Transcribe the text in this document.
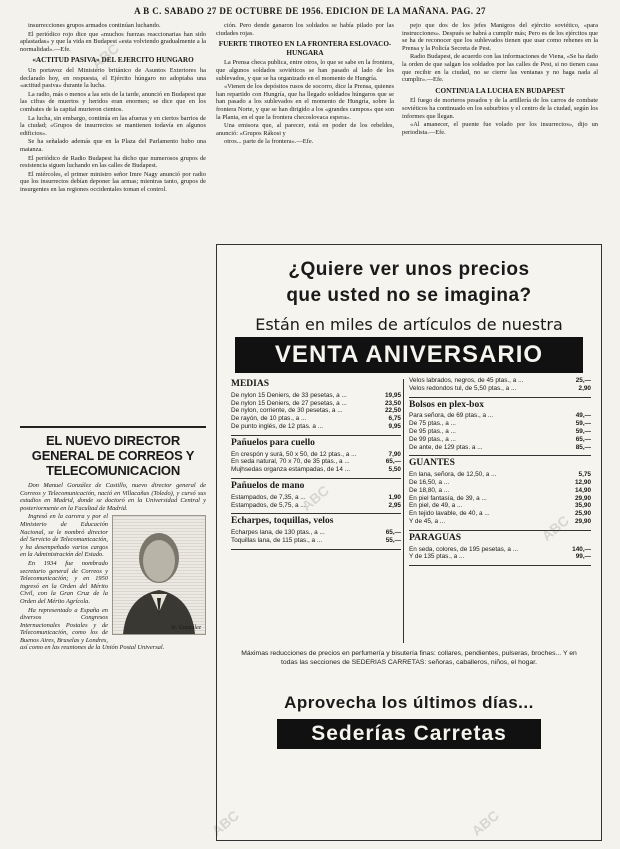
A B C. SABADO 27 DE OCTUBRE DE 1956. EDICION DE LA MAÑANA. PAG. 27

insurrecciones grupos armados continúan luchando.

El periódico rojo dice que «muchos fuerzas reaccionarias han sido aplastadas» y que la vida en Budapest «esta volviendo gradualmente a la normalidad».—Efe.

«ACTITUD PASIVA» DEL EJERCITO HUNGARO

Un portavoz del Ministerio británico de Asuntos Exteriores ha declarado hoy, en respuesta, el Ejército húngaro no adoptaba una «actitud pasiva» durante la lucha.

La radio, más o menos a las seis de la tarde, anunció en Budapest que las cifras de muertos y heridos eran enormes; se dice que en los combates de la capital murieron cientos.

La lucha, sin embargo, continúa en las afueras y en ciertos barrios de la ciudad; «Grupos de insurrectos se mantienen todavía en algunos edificios».

Se ha señalado además que en la Plaza del Parlamento hubo una matanza.

El periódico de Radio Budapest ha dicho que numerosos grupos de resistencia siguen luchando en las calles de Budapest.

El miércoles, el primer ministro señor Imre Nagy anunció por radio que los insurrectos debían deponer las armas; mientras tanto, grupos de insurgentes en las regiones occidentales toman el control.

ción. Pero dende ganaron los soldados se había pilado por las ciudades rojas.

FUERTE TIROTEO EN LA FRONTERA ESLOVACO-HUNGARA

La Prensa checa publica, entre otros, lo que se sabe en la frontera, que algunos soldados soviéticos se han pasado al lado de los sublevados, y que se ha organizado en el momento de Hungría.

«Vienen de los depósitos rusos de socorro, dice la Prensa, quienes han repartido con Hungría, que ha llegado soldados húngaros que se han pasado a los sublevados en el momento de Hungría, sobre la frontera Norte, y que se han dirigido a los «grandes campos» que son la Planta, en el que la frontera checoslovaca espera».

Una emisora que, al parecer, está en poder de los rebeldes, anunció: «Grupos Rákosi y

otros... parte de la frontera».—Efe.

pejo que dos de los jefes Manigros del ejército soviético, «para instrucciones». Después se habrá a cumplir más; Pero es de los ejércitos que se ha de reconocer que los sublevados tienen que usar como rehenes en la Prensa y la Policía Secreta de Pest.

Radio Budapest, de acuerdo con las informaciones de Viena, «Se ha dado la orden de que salgan los soldados por las calles de Pest, si no tienen casa que recibir en la ciudad, no se cierre las ventanas y no haga nada al cumplir».—Efe.

CONTINUA LA LUCHA EN BUDAPEST

El fuego de morteros pesados y de la artillería de los carros de combate soviéticos ha continuado en los suburbios y el centro de la ciudad, según los informes que llegan.

«Al amanecer, el puente fue volado por los insurrectos», dijo un periodista.—Efe.

EL NUEVO DIRECTOR GENERAL DE CORREOS Y TELECOMUNICACION

Don Manuel González de Castillo, nuevo director general de Correos y Telecomunicación, nació en Villacañas (Toledo), y cursó sus estudios en Madrid, donde se doctoró en la Universidad Central y posteriormente en la Facultad de Madrid.

Sr. González

Ingresó en la carrera y por el Ministerio de Educación Nacional, se le nombró director del Servicio de Telecomunicación, y ha desempeñado varios cargos en la Administración del Estado.

En 1934 fue nombrado secretario general de Correos y Telecomunicación; y en 1950 ingresó en la Orden del Mérito Civil, con la Gran Cruz de la Orden del Mérito Agrícola.

Ha representado a España en diversos Congresos Internacionales Postales y de Telecomunicación, como los de Buenos Aires, Bruselas y Londres, así como en las reuniones de la Unión Postal Universal.

¿Quiere ver unos precios
que usted no se imagina?
Están en miles de artículos de nuestra
VENTA ANIVERSARIO
MEDIAS
De nylon 15 Deniers, de 33 pesetas, a ...	19,95
De nylon 15 Deniers, de 27 pesetas, a ...	23,50
De nylon, corriente, de 30 pesetas, a ...	22,50
De rayón, de 10 ptas., a ...	6,75
De punto inglés, de 12 ptas. a ...	9,95
Pañuelos para cuello
En crespón y surá, 50 x 50, de 12 ptas., a ...	7,90
En seda natural, 70 x 70, de 35 ptas., a ...	65,—
Mujhsedas organza estampadas, de 14 ...	5,50
Pañuelos de mano
Estampados, de 7,35, a ...	1,90
Estampados, de 5,75, a ...	2,95
Echarpes, toquillas, velos
Echarpes lana, de 130 ptas., a ...	65,—
Toquillas lana, de 115 ptas., a ...	55,—
Velos labrados, negros, de 45 ptas., a ...	25,—
Velos redondos tul, de 5,50 ptas., a ...	2,90
Bolsos en plex-box
Para señora, de 69 ptas., a ...	49,—
De 75 ptas., a ...	59,—
De 95 ptas., a ...	59,—
De 99 ptas., a ...	65,—
De ante, de 129 ptas. a ...	85,—
GUANTES
En lana, señora, de 12,50, a ...	5,75
De 16,50, a ...	12,90
De 18,80, a ...	14,90
En piel fantasía, de 39, a ...	29,90
En piel, de 49, a ...	35,90
En tejido lavable, de 40, a ...	25,90
Y de 45, a ...	29,90
PARAGUAS
En seda, colores, de 195 pesetas, a ...	140,—
Y de 135 ptas., a ...	99,—
Máximas reducciones de precios en perfumería y bisutería finas: collares, pendientes, pulseras, broches... Y en todas las secciones de SEDERIAS CARRETAS: señoras, caballeros, niños, el hogar.
Aprovecha los últimos días...
Sederías Carretas
ABC
ABC
ABC
ABC	ABC
